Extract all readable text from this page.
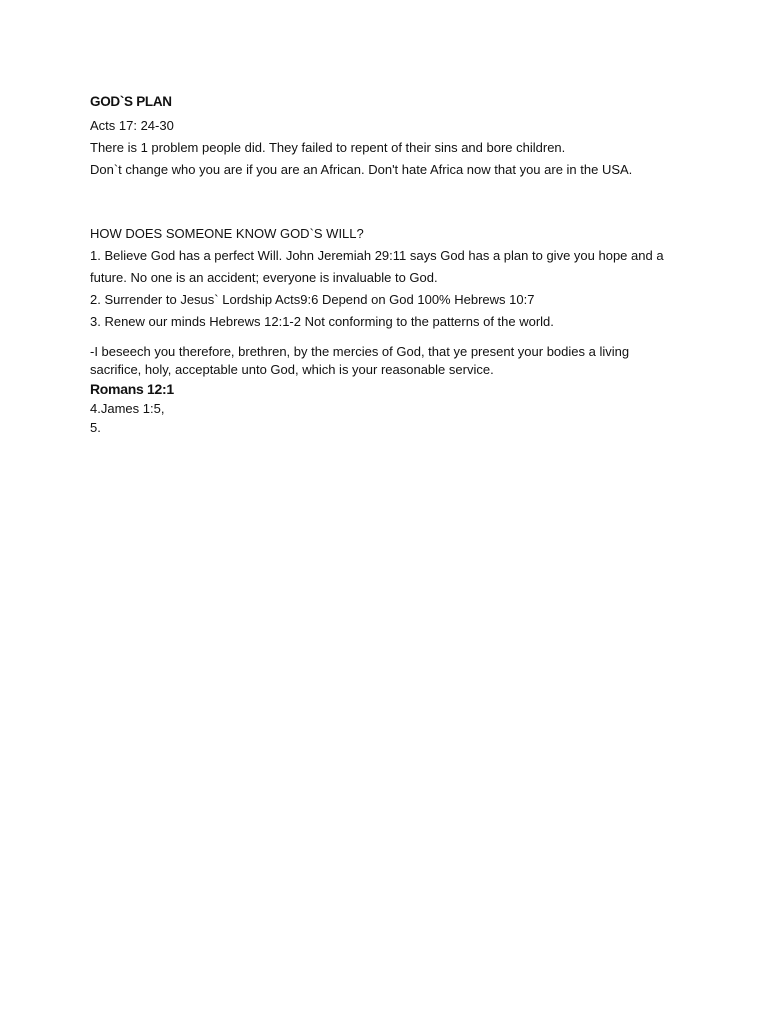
GOD`S PLAN

Acts 17: 24-30

There is 1 problem people did. They failed to repent of their sins and bore children.

Don`t change who you are if you are an African. Don't hate Africa now that you are in the USA.

HOW DOES SOMEONE KNOW GOD`S WILL?

1. Believe God has a perfect Will. John Jeremiah 29:11 says God has a plan to give you hope and a future. No one is an accident; everyone is invaluable to God.

2. Surrender to Jesus` Lordship Acts9:6 Depend on God 100% Hebrews 10:7

3. Renew our minds Hebrews 12:1-2 Not conforming to the patterns of the world.

-I beseech you therefore, brethren, by the mercies of God, that ye present your bodies a living sacrifice, holy, acceptable unto God, which is your reasonable service.

Romans 12:1

4.James 1:5,

5.
